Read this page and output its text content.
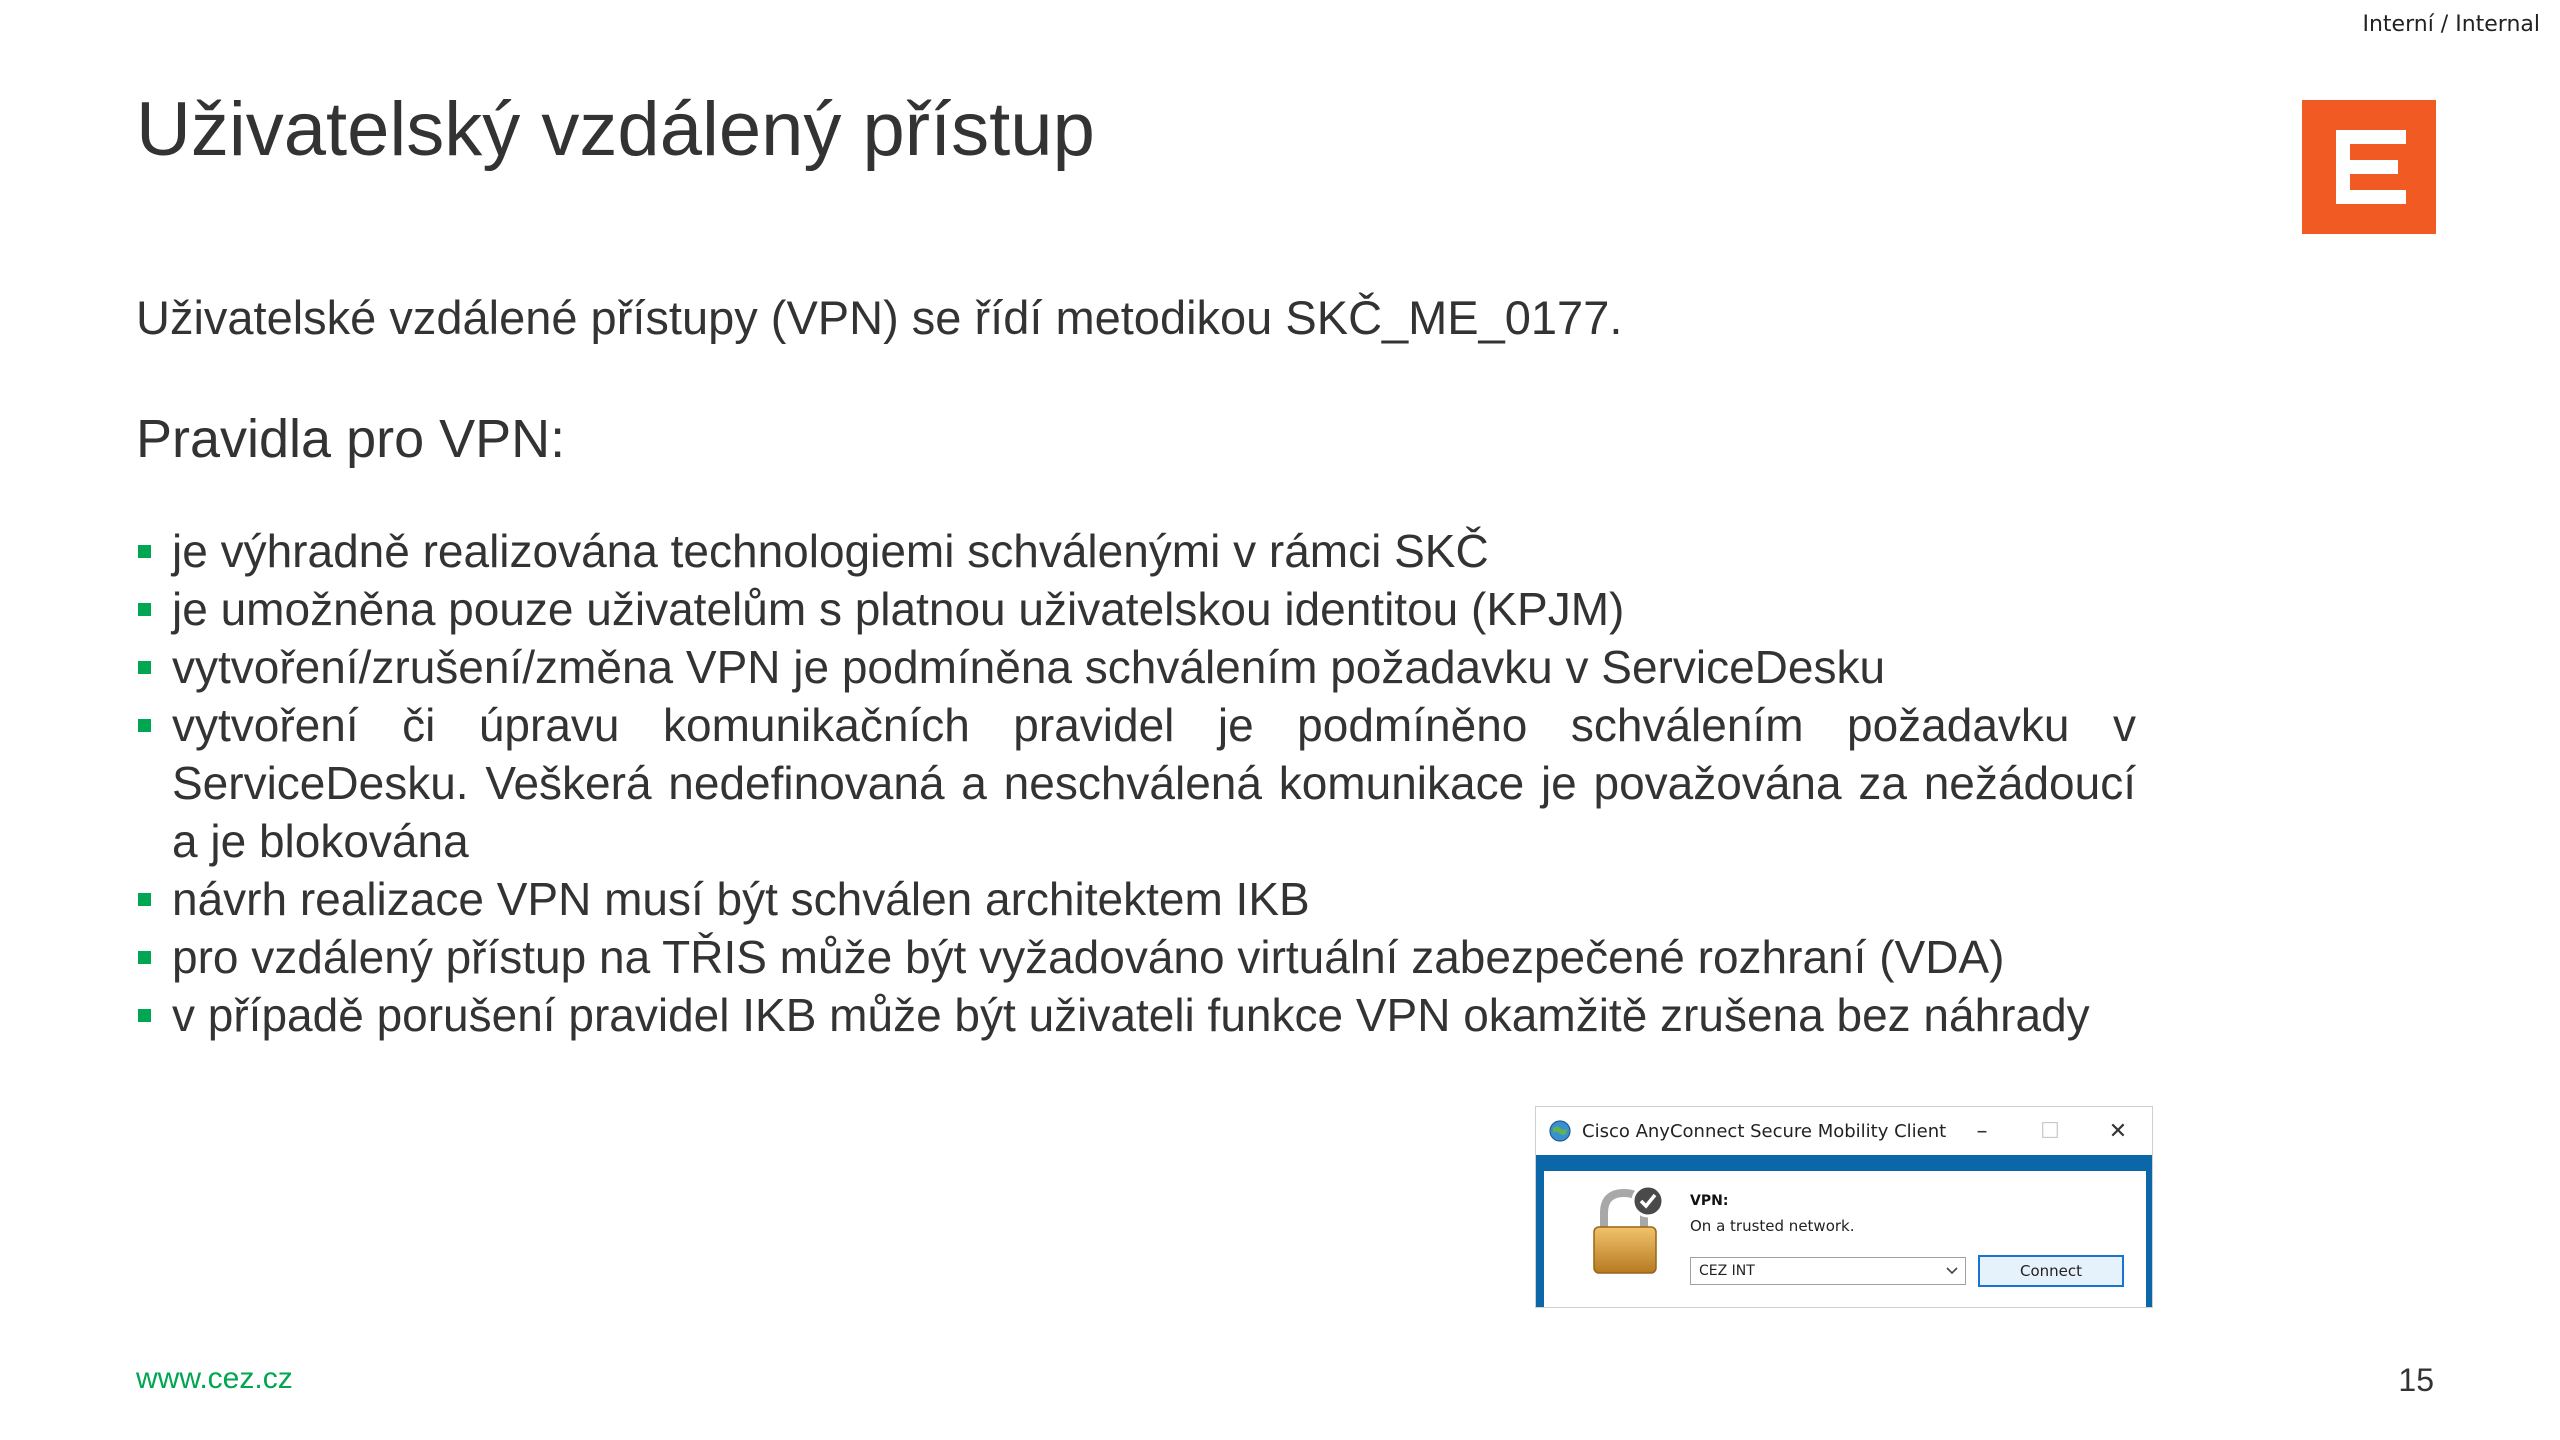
Interní / Internal
Uživatelský vzdálený přístup

Uživatelské vzdálené přístupy (VPN) se řídí metodikou SKČ_ME_0177.

Pravidla pro VPN:

je výhradně realizována technologiemi schválenými v rámci SKČ
je umožněna pouze uživatelům s platnou uživatelskou identitou (KPJM)
vytvoření/zrušení/změna VPN je podmíněna schválením požadavku v ServiceDesku
vytvoření či úpravu komunikačních pravidel je podmíněno schválením požadavku v ServiceDesku. Veškerá nedefinovaná a neschválená komunikace je považována za nežádoucí a je blokována
návrh realizace VPN musí být schválen architektem IKB
pro vzdálený přístup na TŘIS může být vyžadováno virtuální zabezpečené rozhraní (VDA)
v případě porušení pravidel IKB může být uživateli funkce VPN okamžitě zrušena bez náhrady
Cisco AnyConnect Secure Mobility Client	–	☐	✕
VPN:
On a trusted network.
CEZ INT	Connect
www.cez.cz	15
